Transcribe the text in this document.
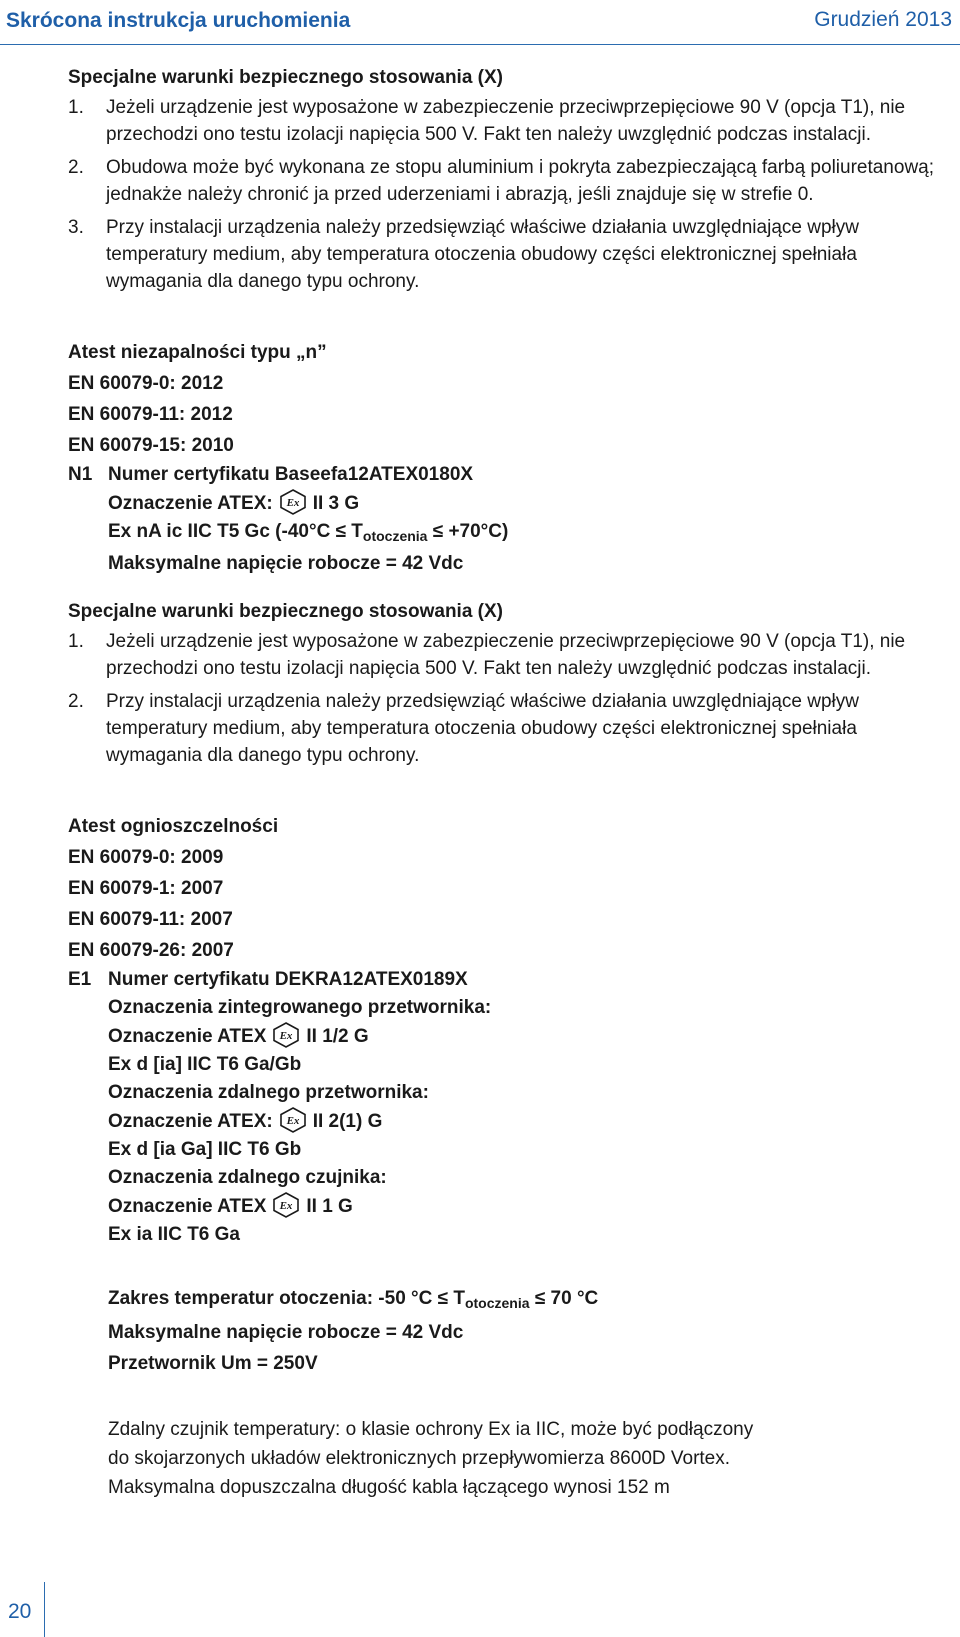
Skrócona instrukcja uruchomienia	Grudzień 2013

Specjalne warunki bezpiecznego stosowania (X)

1. Jeżeli urządzenie jest wyposażone w zabezpieczenie przeciwprzepięciowe 90 V (opcja T1), nie przechodzi ono testu izolacji napięcia 500 V. Fakt ten należy uwzględnić podczas instalacji.
2. Obudowa może być wykonana ze stopu aluminium i pokryta zabezpieczającą farbą poliuretanową; jednakże należy chronić ja przed uderzeniami i abrazją, jeśli znajduje się w strefie 0.
3. Przy instalacji urządzenia należy przedsięwziąć właściwe działania uwzględniające wpływ temperatury medium, aby temperatura otoczenia obudowy części elektronicznej spełniała wymagania dla danego typu ochrony.
Atest niezapalności typu „n”
EN 60079-0: 2012
EN 60079-11: 2012
EN 60079-15: 2010
N1 Numer certyfikatu Baseefa12ATEX0180X
Oznaczenie ATEX: Ex II 3 G
Ex nA ic IIC T5 Gc $(-40^\circ C \le T_{otoczenia} \le +70^\circ C)$
Maksymalne napięcie robocze = 42 Vdc

Specjalne warunki bezpiecznego stosowania (X)

1. Jeżeli urządzenie jest wyposażone w zabezpieczenie przeciwprzepięciowe 90 V (opcja T1), nie przechodzi ono testu izolacji napięcia 500 V. Fakt ten należy uwzględnić podczas instalacji.
2. Przy instalacji urządzenia należy przedsięwziąć właściwe działania uwzględniające wpływ temperatury medium, aby temperatura otoczenia obudowy części elektronicznej spełniała wymagania dla danego typu ochrony.
Atest ognioszczelności
EN 60079-0: 2009
EN 60079-1: 2007
EN 60079-11: 2007
EN 60079-26: 2007
E1 Numer certyfikatu DEKRA12ATEX0189X
Oznaczenia zintegrowanego przetwornika:
Oznaczenie ATEX Ex II 1/2 G
Ex d [ia] IIC T6 Ga/Gb
Oznaczenia zdalnego przetwornika:
Oznaczenie ATEX: Ex II 2(1) G
Ex d [ia Ga] IIC T6 Gb
Oznaczenia zdalnego czujnika:
Oznaczenie ATEX Ex II 1 G
Ex ia IIC T6 Ga
Zakres temperatur otoczenia: -50 $^\circ C \le T_{otoczenia} \le 70$ °C
Maksymalne napięcie robocze = 42 Vdc
Przetwornik Um = 250V
Zdalny czujnik temperatury: o klasie ochrony Ex ia IIC, może być podłączony
do skojarzonych układów elektronicznych przepływomierza 8600D Vortex.
Maksymalna dopuszczalna długość kabla łączącego wynosi 152 m
20
